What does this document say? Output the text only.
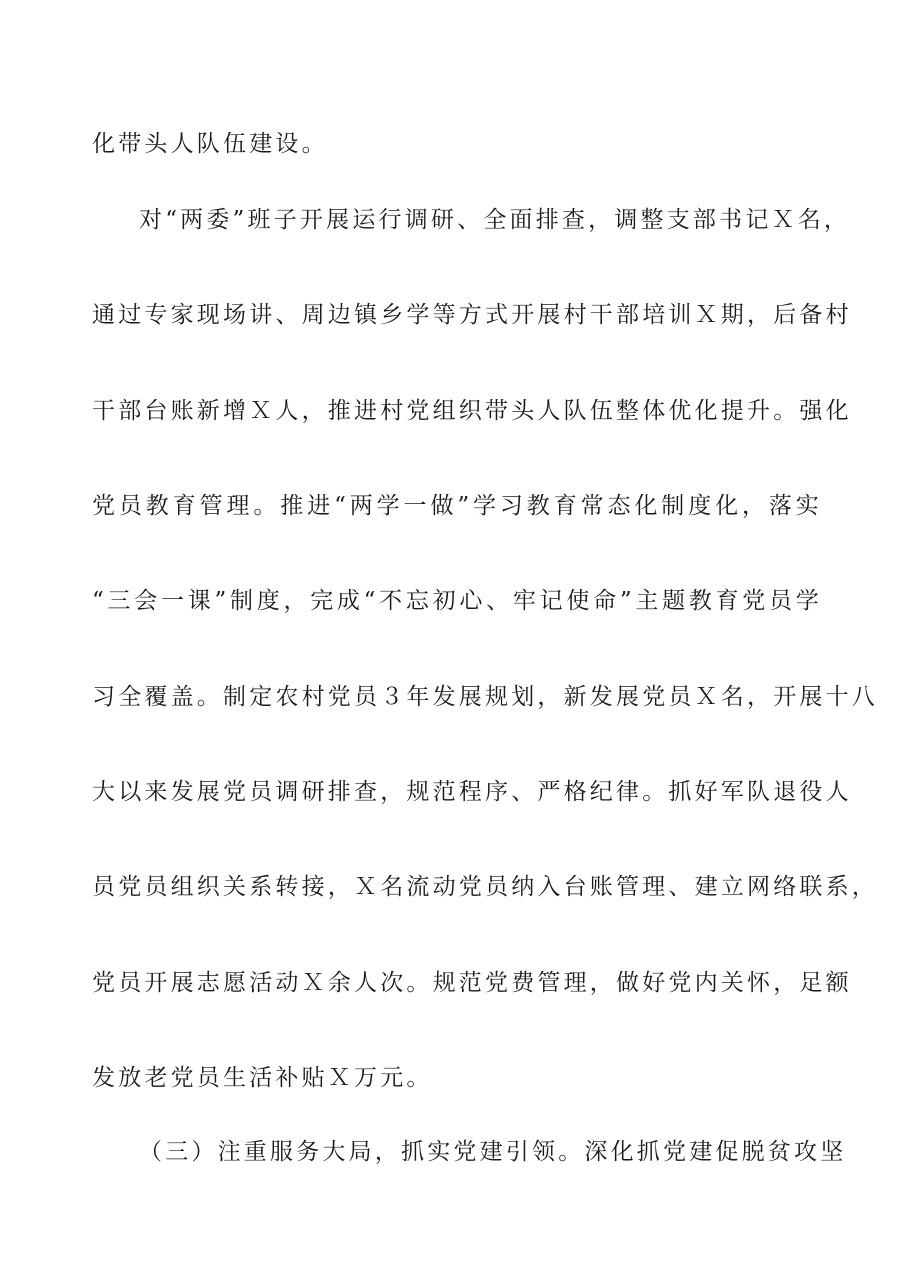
化带头人队伍建设。
对“两委”班子开展运行调研、全面排查，调整支部书记Ｘ名，
通过专家现场讲、周边镇乡学等方式开展村干部培训Ｘ期，后备村
干部台账新增Ｘ人，推进村党组织带头人队伍整体优化提升。强化
党员教育管理。推进“两学一做”学习教育常态化制度化，落实
“三会一课”制度，完成“不忘初心、牢记使命”主题教育党员学
习全覆盖。制定农村党员３年发展规划，新发展党员Ｘ名，开展十八
大以来发展党员调研排查，规范程序、严格纪律。抓好军队退役人
员党员组织关系转接，Ｘ名流动党员纳入台账管理、建立网络联系，
党员开展志愿活动Ｘ余人次。规范党费管理，做好党内关怀，足额
发放老党员生活补贴Ｘ万元。
（三）注重服务大局，抓实党建引领。深化抓党建促脱贫攻坚
